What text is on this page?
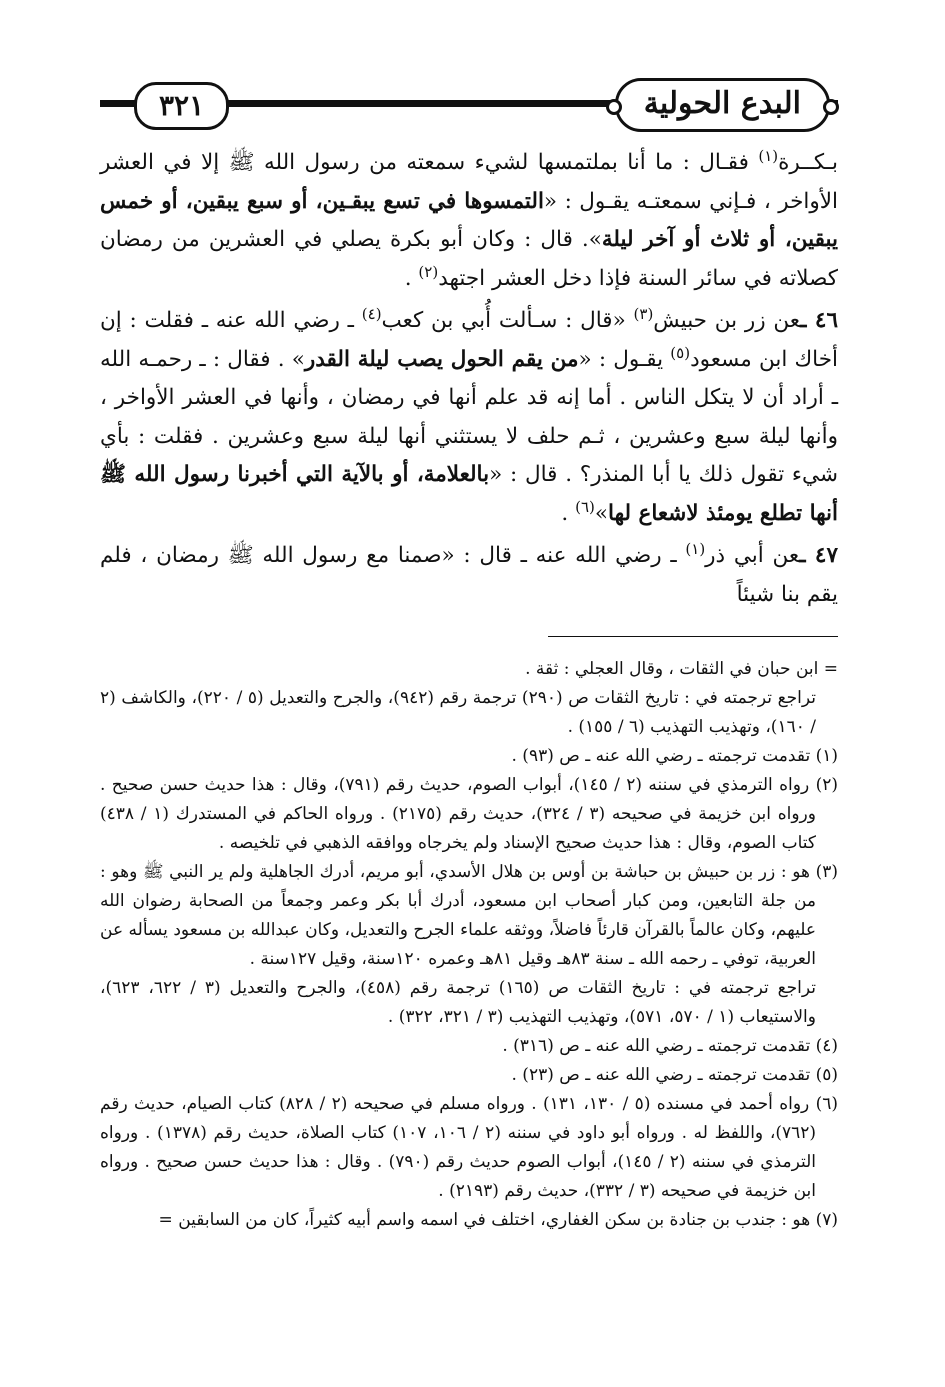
البدع الحولية
٣٢١

بـكــرة$^{(١)}$ فقـال : ما أنا بملتمسها لشيء سمعته من رسول الله ﷺ إلا في العشر الأواخر ، فـإني سمعتـه يقـول : «التمسوها في تسع يبقـين، أو سبع يبقين، أو خمس يبقين، أو ثلاث أو آخر ليلة». قال : وكان أبو بكرة يصلي في العشرين من رمضان كصلاته في سائر السنة فإذا دخل العشر اجتهد$^{(٢)}$ .

٤٦ ـعن زر بن حبيش$^{(٣)}$ «قال : سـألت أُبي بن كعب$^{(٤)}$ ـ رضي الله عنه ـ فقلت : إن أخاك ابن مسعود$^{(٥)}$ يقـول : «من يقم الحول يصب ليلة القدر» . فقال : ـ رحمـه الله ـ أراد أن لا يتكل الناس . أما إنه قد علم أنها في رمضان ، وأنها في العشر الأواخر ، وأنها ليلة سبع وعشرين ، ثـم حلف لا يستثني أنها ليلة سبع وعشرين . فقلت : بأي شيء تقول ذلك يا أبا المنذر؟ . قال : «بالعلامة، أو بالآية التي أخبرنا رسول الله ﷺ أنها تطلع يومئذ لاشعاع لها»$^{(٦)}$ .

٤٧ ـعن أبي ذر$^{(١)}$ ـ رضي الله عنه ـ قال : «صمنا مع رسول الله ﷺ رمضان ، فلم يقم بنا شيئاً

= ابن حبان في الثقات ، وقال العجلي : ثقة .

تراجع ترجمته في : تاريخ الثقات ص (٢٩٠) ترجمة رقم (٩٤٢)، والجرح والتعديل (٥ / ٢٢٠)، والكاشف (٢ / ١٦٠)، وتهذيب التهذيب (٦ / ١٥٥) .

(١) تقدمت ترجمته ـ رضي الله عنه ـ ص (٩٣) .

(٢) رواه الترمذي في سننه (٢ / ١٤٥)، أبواب الصوم، حديث رقم (٧٩١)، وقال : هذا حديث حسن صحيح . ورواه ابن خزيمة في صحيحه (٣ / ٣٢٤)، حديث رقم (٢١٧٥) . ورواه الحاكم في المستدرك (١ / ٤٣٨) كتاب الصوم، وقال : هذا حديث صحيح الإسناد ولم يخرجاه ووافقه الذهبي في تلخيصه .

(٣) هو : زر بن حبيش بن حباشة بن أوس بن هلال الأسدي، أبو مريم، أدرك الجاهلية ولم ير النبي ﷺ وهو : من جلة التابعين، ومن كبار أصحاب ابن مسعود، أدرك أبا بكر وعمر وجمعاً من الصحابة رضوان الله عليهم، وكان عالماً بالقرآن قارئاً فاضلاً، ووثقه علماء الجرح والتعديل، وكان عبدالله بن مسعود يسأله عن العربية، توفي ـ رحمه الله ـ سنة ٨٣هـ وقيل ٨١هـ وعمره ١٢٠سنة، وقيل ١٢٧سنة .

تراجع ترجمته في : تاريخ الثقات ص (١٦٥) ترجمة رقم (٤٥٨)، والجرح والتعديل (٣ / ٦٢٢، ٦٢٣)، والاستيعاب (١ / ٥٧٠، ٥٧١)، وتهذيب التهذيب (٣ / ٣٢١، ٣٢٢) .

(٤) تقدمت ترجمته ـ رضي الله عنه ـ ص (٣١٦) .

(٥) تقدمت ترجمته ـ رضي الله عنه ـ ص (٢٣) .

(٦) رواه أحمد في مسنده (٥ / ١٣٠، ١٣١) . ورواه مسلم في صحيحه (٢ / ٨٢٨) كتاب الصيام، حديث رقم (٧٦٢)، واللفظ له . ورواه أبو داود في سننه (٢ / ١٠٦، ١٠٧) كتاب الصلاة، حديث رقم (١٣٧٨) . ورواه الترمذي في سننه (٢ / ١٤٥)، أبواب الصوم حديث رقم (٧٩٠) . وقال : هذا حديث حسن صحيح . ورواه ابن خزيمة في صحيحه (٣ / ٣٣٢)، حديث رقم (٢١٩٣) .

(٧) هو : جندب بن جنادة بن سكن الغفاري، اختلف في اسمه واسم أبيه كثيراً، كان من السابقين =
